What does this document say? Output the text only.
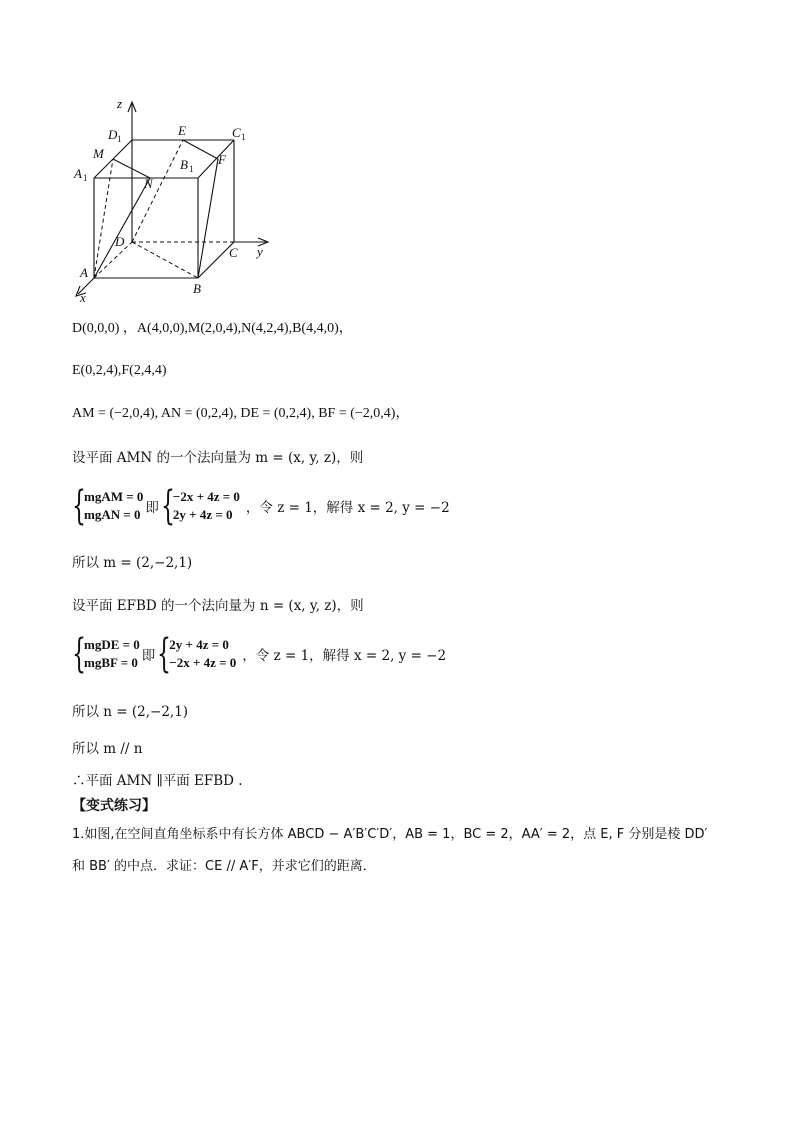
z
y
x
D 1	C 1
A 1
B 1
M
N
E
F
D
C
A
B
D(0,0,0) ，A(4,0,0),M(2,0,4),N(4,2,4),B(4,4,0)，
E(0,2,4),F(2,4,4)
AM = (−2,0,4), AN = (0,2,4), DE = (0,2,4), BF = (−2,0,4)，
设平面 AMN 的一个法向量为 m = (x, y, z)，则
{
mgAM = 0
mgAN = 0 即 {
−2x + 4z = 0
2y + 4z = 0 ，令 z = 1，解得 x = 2, y = −2
所以 m = (2,−2,1)
设平面 EFBD 的一个法向量为 n = (x, y, z)，则
{
mgDE = 0
mgBF = 0 即 {
2y + 4z = 0
−2x + 4z = 0 ，令 z = 1，解得 x = 2, y = −2
所以 n = (2,−2,1)
所以 m // n
∴平面 AMN ∥平面 EFBD .
【变式练习】
1.如图,在空间直角坐标系中有长方体 ABCD − A′B′C′D′，AB = 1，BC = 2，AA′ = 2，点 E, F 分别是棱 DD′
和 BB′ 的中点．求证：CE // A′F，并求它们的距离．
